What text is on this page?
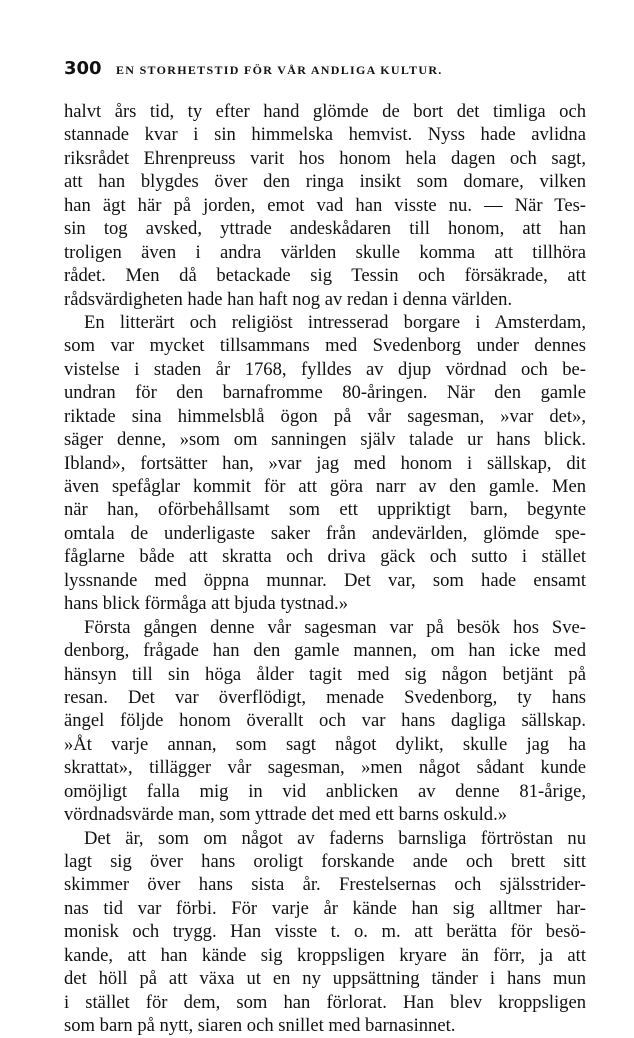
300	EN STORHETSTID FÖR VÅR ANDLIGA KULTUR.
halvt års tid, ty efter hand glömde de bort det timliga och
stannade kvar i sin himmelska hemvist. Nyss hade avlidna
riksrådet Ehrenpreuss varit hos honom hela dagen och sagt,
att han blygdes över den ringa insikt som domare, vilken
han ägt här på jorden, emot vad han visste nu. — När Tes-
sin tog avsked, yttrade andeskådaren till honom, att han
troligen även i andra världen skulle komma att tillhöra
rådet. Men då betackade sig Tessin och försäkrade, att
rådsvärdigheten hade han haft nog av redan i denna världen.
En litterärt och religiöst intresserad borgare i Amsterdam,
som var mycket tillsammans med Svedenborg under dennes
vistelse i staden år 1768, fylldes av djup vördnad och be-
undran för den barnafromme 80-åringen. När den gamle
riktade sina himmelsblå ögon på vår sagesman, »var det»,
säger denne, »som om sanningen själv talade ur hans blick.
Ibland», fortsätter han, »var jag med honom i sällskap, dit
även spefåglar kommit för att göra narr av den gamle. Men
när han, oförbehållsamt som ett uppriktigt barn, begynte
omtala de underligaste saker från andevärlden, glömde spe-
fåglarne både att skratta och driva gäck och sutto i stället
lyssnande med öppna munnar. Det var, som hade ensamt
hans blick förmåga att bjuda tystnad.»
Första gången denne vår sagesman var på besök hos Sve-
denborg, frågade han den gamle mannen, om han icke med
hänsyn till sin höga ålder tagit med sig någon betjänt på
resan. Det var överflödigt, menade Svedenborg, ty hans
ängel följde honom överallt och var hans dagliga sällskap.
»Åt varje annan, som sagt något dylikt, skulle jag ha
skrattat», tillägger vår sagesman, »men något sådant kunde
omöjligt falla mig in vid anblicken av denne 81-årige,
vördnadsvärde man, som yttrade det med ett barns oskuld.»
Det är, som om något av faderns barnsliga förtröstan nu
lagt sig över hans oroligt forskande ande och brett sitt
skimmer över hans sista år. Frestelsernas och själsstrider-
nas tid var förbi. För varje år kände han sig alltmer har-
monisk och trygg. Han visste t. o. m. att berätta för besö-
kande, att han kände sig kroppsligen kryare än förr, ja att
det höll på att växa ut en ny uppsättning tänder i hans mun
i stället för dem, som han förlorat. Han blev kroppsligen
som barn på nytt, siaren och snillet med barnasinnet.
